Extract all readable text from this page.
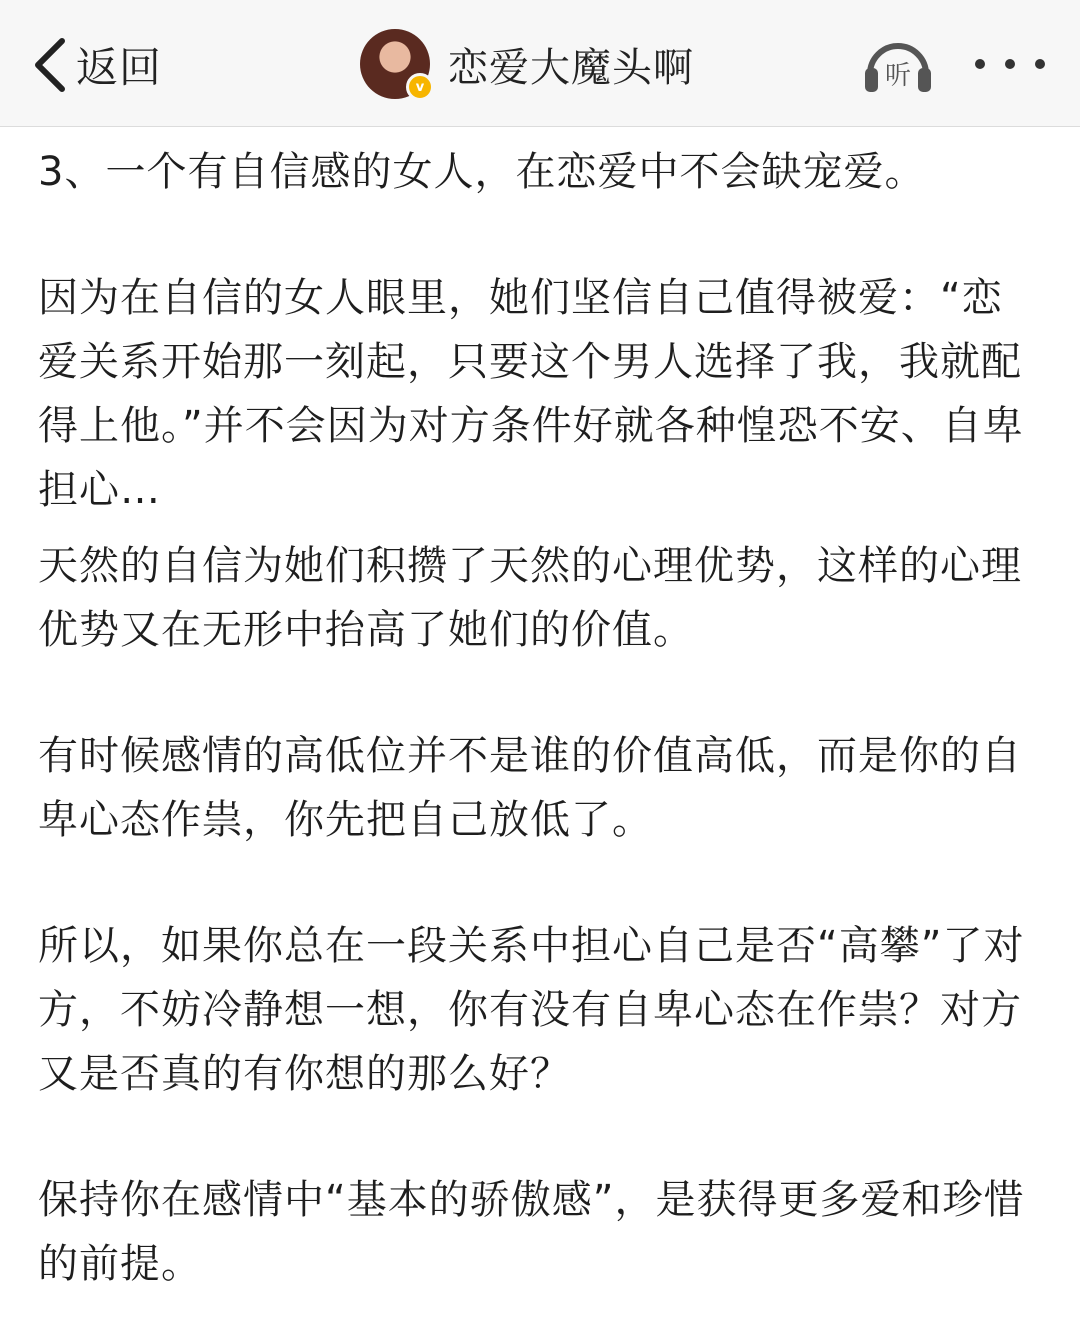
返回	v 恋爱大魔头啊	听

3、一个有自信感的女人，在恋爱中不会缺宠爱。

因为在自信的女人眼里，她们坚信自己值得被爱：“恋爱关系开始那一刻起，只要这个男人选择了我，我就配得上他。”并不会因为对方条件好就各种惶恐不安、自卑担心…

天然的自信为她们积攒了天然的心理优势，这样的心理优势又在无形中抬高了她们的价值。

有时候感情的高低位并不是谁的价值高低，而是你的自卑心态作祟，你先把自己放低了。

所以，如果你总在一段关系中担心自己是否“高攀”了对方，不妨冷静想一想，你有没有自卑心态在作祟？对方又是否真的有你想的那么好？

保持你在感情中“基本的骄傲感”，是获得更多爱和珍惜的前提。
